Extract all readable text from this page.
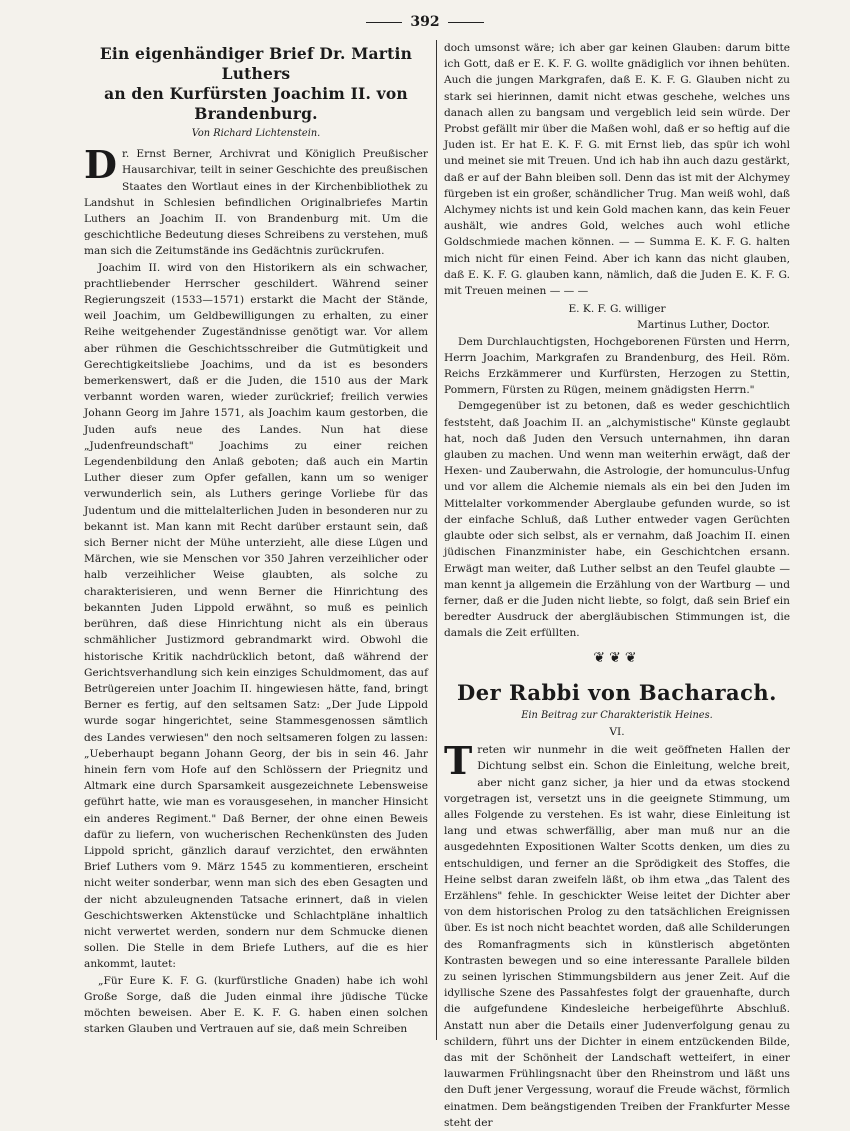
392
Ein eigenhändiger Brief Dr. Martin Luthers
an den Kurfürsten Joachim II. von Brandenburg.
Von Richard Lichtenstein.

Dr. Ernst Berner, Archivrat und Königlich Preußischer Hausarchivar, teilt in seiner Geschichte des preußischen Staates den Wortlaut eines in der Kirchenbibliothek zu Landshut in Schlesien befindlichen Originalbriefes Martin Luthers an Joachim II. von Brandenburg mit. Um die geschichtliche Bedeutung dieses Schreibens zu verstehen, muß man sich die Zeitumstände ins Gedächtnis zurückrufen.

Joachim II. wird von den Historikern als ein schwacher, prachtliebender Herrscher geschildert. Während seiner Regierungszeit (1533—1571) erstarkt die Macht der Stände, weil Joachim, um Geldbewilligungen zu erhalten, zu einer Reihe weitgehender Zugeständnisse genötigt war. Vor allem aber rühmen die Geschichtsschreiber die Gutmütigkeit und Gerechtigkeitsliebe Joachims, und da ist es besonders bemerkenswert, daß er die Juden, die 1510 aus der Mark verbannt worden waren, wieder zurückrief; freilich verwies Johann Georg im Jahre 1571, als Joachim kaum gestorben, die Juden aufs neue des Landes. Nun hat diese „Judenfreundschaft" Joachims zu einer reichen Legendenbildung den Anlaß geboten; daß auch ein Martin Luther dieser zum Opfer gefallen, kann um so weniger verwunderlich sein, als Luthers geringe Vorliebe für das Judentum und die mittelalterlichen Juden in besonderen nur zu bekannt ist. Man kann mit Recht darüber erstaunt sein, daß sich Berner nicht der Mühe unterzieht, alle diese Lügen und Märchen, wie sie Menschen vor 350 Jahren verzeihlicher oder halb verzeihlicher Weise glaubten, als solche zu charakterisieren, und wenn Berner die Hinrichtung des bekannten Juden Lippold erwähnt, so muß es peinlich berühren, daß diese Hinrichtung nicht als ein überaus schmählicher Justizmord gebrandmarkt wird. Obwohl die historische Kritik nachdrücklich betont, daß während der Gerichtsverhandlung sich kein einziges Schuldmoment, das auf Betrügereien unter Joachim II. hingewiesen hätte, fand, bringt Berner es fertig, auf den seltsamen Satz: „Der Jude Lippold wurde sogar hingerichtet, seine Stammesgenossen sämtlich des Landes verwiesen" den noch seltsameren folgen zu lassen: „Ueberhaupt begann Johann Georg, der bis in sein 46. Jahr hinein fern vom Hofe auf den Schlössern der Priegnitz und Altmark eine durch Sparsamkeit ausgezeichnete Lebensweise geführt hatte, wie man es vorausgesehen, in mancher Hinsicht ein anderes Regiment." Daß Berner, der ohne einen Beweis dafür zu liefern, von wucherischen Rechenkünsten des Juden Lippold spricht, gänzlich darauf verzichtet, den erwähnten Brief Luthers vom 9. März 1545 zu kommentieren, erscheint nicht weiter sonderbar, wenn man sich des eben Gesagten und der nicht abzuleugnenden Tatsache erinnert, daß in vielen Geschichtswerken Aktenstücke und Schlachtpläne inhaltlich nicht verwertet werden, sondern nur dem Schmucke dienen sollen. Die Stelle in dem Briefe Luthers, auf die es hier ankommt, lautet:

„Für Eure K. F. G. (kurfürstliche Gnaden) habe ich wohl Große Sorge, daß die Juden einmal ihre jüdische Tücke möchten beweisen. Aber E. K. F. G. haben einen solchen starken Glauben und Vertrauen auf sie, daß mein Schreiben

doch umsonst wäre; ich aber gar keinen Glauben: darum bitte ich Gott, daß er E. K. F. G. wollte gnädiglich vor ihnen behüten. Auch die jungen Markgrafen, daß E. K. F. G. Glauben nicht zu stark sei hierinnen, damit nicht etwas geschehe, welches uns danach allen zu bangsam und vergeblich leid sein würde. Der Probst gefällt mir über die Maßen wohl, daß er so heftig auf die Juden ist. Er hat E. K. F. G. mit Ernst lieb, das spür ich wohl und meinet sie mit Treuen. Und ich hab ihn auch dazu gestärkt, daß er auf der Bahn bleiben soll. Denn das ist mit der Alchymey fürgeben ist ein großer, schändlicher Trug. Man weiß wohl, daß Alchymey nichts ist und kein Gold machen kann, das kein Feuer aushält, wie andres Gold, welches auch wohl etliche Goldschmiede machen können. — — Summa E. K. F. G. halten mich nicht für einen Feind. Aber ich kann das nicht glauben, daß E. K. F. G. glauben kann, nämlich, daß die Juden E. K. F. G. mit Treuen meinen — — —

E. K. F. G. williger
Martinus Luther, Doctor.

Dem Durchlauchtigsten, Hochgeborenen Fürsten und Herrn, Herrn Joachim, Markgrafen zu Brandenburg, des Heil. Röm. Reichs Erzkämmerer und Kurfürsten, Herzogen zu Stettin, Pommern, Fürsten zu Rügen, meinem gnädigsten Herrn."

Demgegenüber ist zu betonen, daß es weder geschichtlich feststeht, daß Joachim II. an „alchymistische" Künste geglaubt hat, noch daß Juden den Versuch unternahmen, ihn daran glauben zu machen. Und wenn man weiterhin erwägt, daß der Hexen- und Zauberwahn, die Astrologie, der homunculus-Unfug und vor allem die Alchemie niemals als ein bei den Juden im Mittelalter vorkommender Aberglaube gefunden wurde, so ist der einfache Schluß, daß Luther entweder vagen Gerüchten glaubte oder sich selbst, als er vernahm, daß Joachim II. einen jüdischen Finanzminister habe, ein Geschichtchen ersann. Erwägt man weiter, daß Luther selbst an den Teufel glaubte — man kennt ja allgemein die Erzählung von der Wartburg — und ferner, daß er die Juden nicht liebte, so folgt, daß sein Brief ein beredter Ausdruck der abergläubischen Stimmungen ist, die damals die Zeit erfüllten.

❦❦❦
Der Rabbi von Bacharach.
Ein Beitrag zur Charakteristik Heines.
VI.

Treten wir nunmehr in die weit geöffneten Hallen der Dichtung selbst ein. Schon die Einleitung, welche breit, aber nicht ganz sicher, ja hier und da etwas stockend vorgetragen ist, versetzt uns in die geeignete Stimmung, um alles Folgende zu verstehen. Es ist wahr, diese Einleitung ist lang und etwas schwerfällig, aber man muß nur an die ausgedehnten Expositionen Walter Scotts denken, um dies zu entschuldigen, und ferner an die Sprödigkeit des Stoffes, die Heine selbst daran zweifeln läßt, ob ihm etwa „das Talent des Erzählens" fehle. In geschickter Weise leitet der Dichter aber von dem historischen Prolog zu den tatsächlichen Ereignissen über. Es ist noch nicht beachtet worden, daß alle Schilderungen des Romanfragments sich in künstlerisch abgetönten Kontrasten bewegen und so eine interessante Parallele bilden zu seinen lyrischen Stimmungsbildern aus jener Zeit. Auf die idyllische Szene des Passahfestes folgt der grauenhafte, durch die aufgefundene Kindesleiche herbeigeführte Abschluß. Anstatt nun aber die Details einer Judenverfolgung genau zu schildern, führt uns der Dichter in einem entzückenden Bilde, das mit der Schönheit der Landschaft wetteifert, in einer lauwarmen Frühlingsnacht über den Rheinstrom und läßt uns den Duft jener Vergessung, worauf die Freude wächst, förmlich einatmen. Dem beängstigenden Treiben der Frankfurter Messe steht der
